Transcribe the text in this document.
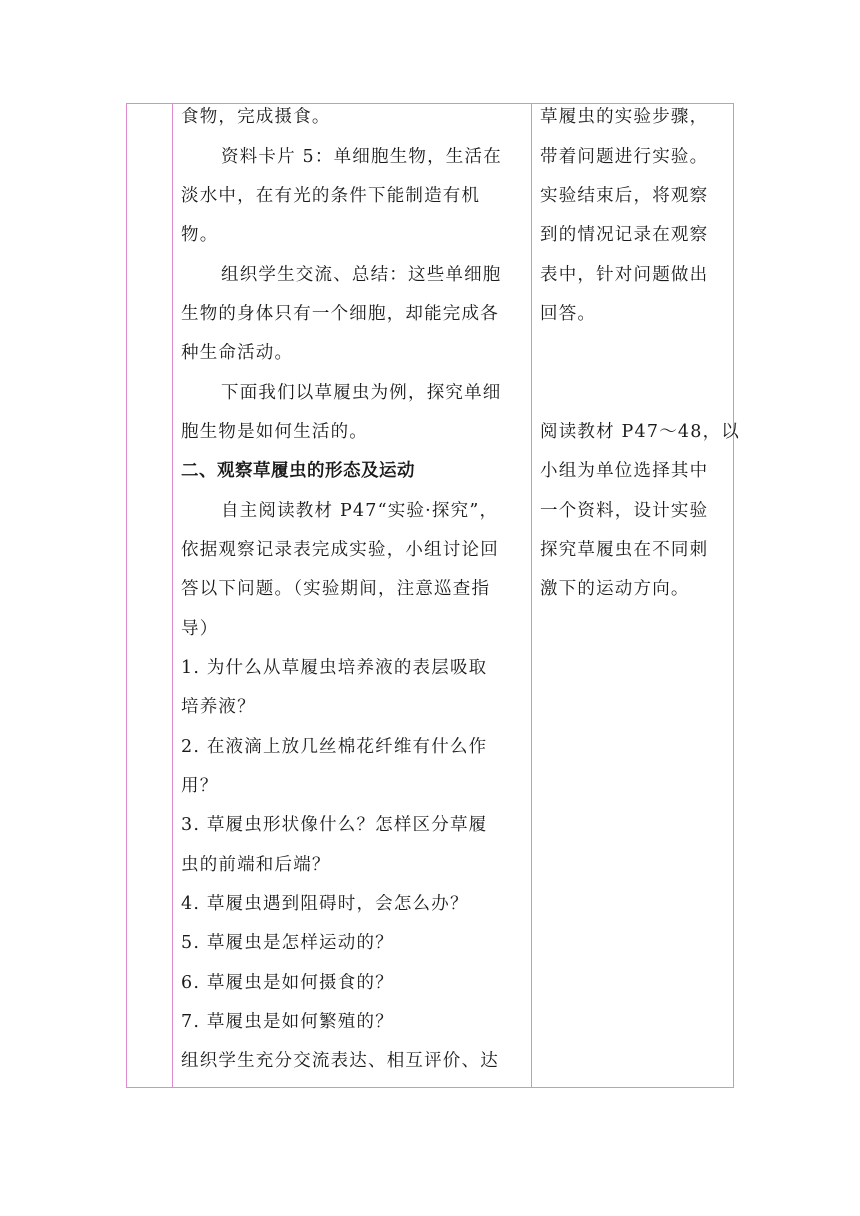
食物，完成摄食。
资料卡片 5：单细胞生物，生活在
淡水中，在有光的条件下能制造有机
物。
组织学生交流、总结：这些单细胞
生物的身体只有一个细胞，却能完成各
种生命活动。
下面我们以草履虫为例，探究单细
胞生物是如何生活的。
二、观察草履虫的形态及运动
自主阅读教材 P47“实验·探究”，
依据观察记录表完成实验，小组讨论回
答以下问题。（实验期间，注意巡查指
导）
1. 为什么从草履虫培养液的表层吸取
培养液？
2. 在液滴上放几丝棉花纤维有什么作
用？
3. 草履虫形状像什么？怎样区分草履
虫的前端和后端？
4. 草履虫遇到阻碍时，会怎么办？
5. 草履虫是怎样运动的？
6. 草履虫是如何摄食的？
7. 草履虫是如何繁殖的？
组织学生充分交流表达、相互评价、达
草履虫的实验步骤，
带着问题进行实验。
实验结束后，将观察
到的情况记录在观察
表中，针对问题做出
回答。
阅读教材 P47～48，以
小组为单位选择其中
一个资料，设计实验
探究草履虫在不同刺
激下的运动方向。
